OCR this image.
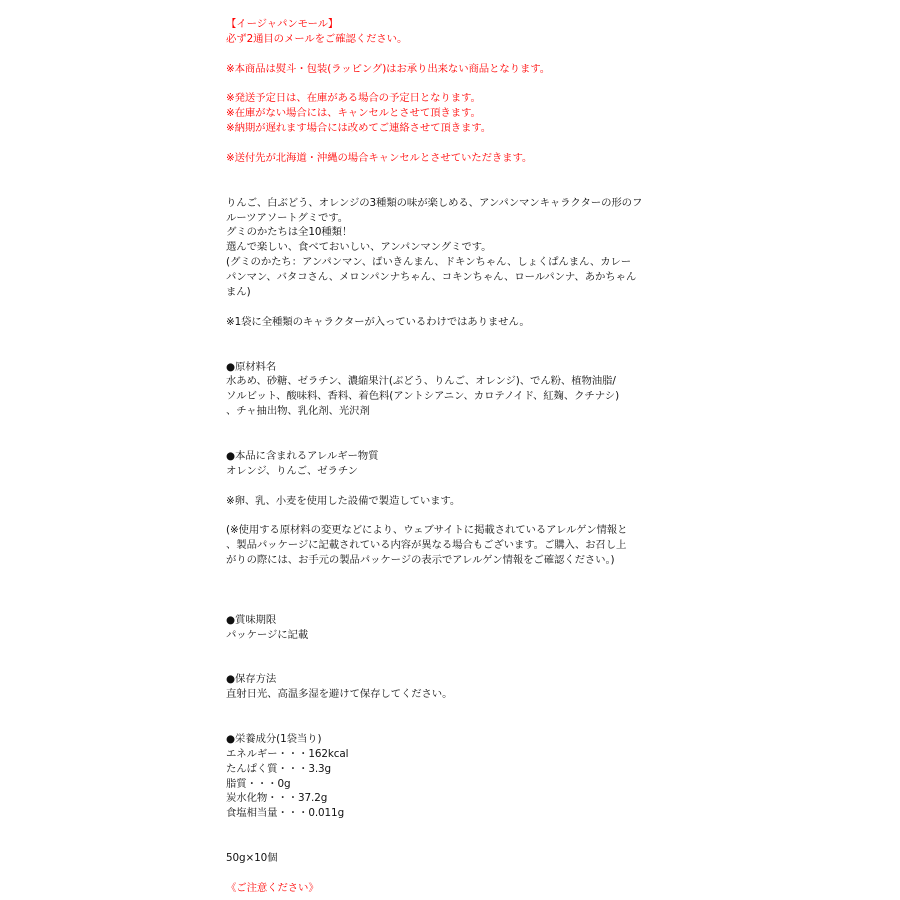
【イージャパンモール】
必ず2通目のメールをご確認ください。
※本商品は熨斗・包装(ラッピング)はお承り出来ない商品となります。
※発送予定日は、在庫がある場合の予定日となります。
※在庫がない場合には、キャンセルとさせて頂きます。
※納期が遅れます場合には改めてご連絡させて頂きます。
※送付先が北海道・沖縄の場合キャンセルとさせていただきます。
りんご、白ぶどう、オレンジの3種類の味が楽しめる、アンパンマンキャラクターの形のフ
ルーツアソートグミです。
グミのかたちは全10種類！
選んで楽しい、食べておいしい、アンパンマングミです。
(グミのかたち：アンパンマン、ばいきんまん、ドキンちゃん、しょくぱんまん、カレー
パンマン、バタコさん、メロンパンナちゃん、コキンちゃん、ロールパンナ、あかちゃん
まん)
※1袋に全種類のキャラクターが入っているわけではありません。
●原材料名
水あめ、砂糖、ゼラチン、濃縮果汁(ぶどう、りんご、オレンジ)、でん粉、植物油脂/
ソルビット、酸味料、香料、着色料(アントシアニン、カロテノイド、紅麹、クチナシ)
、チャ抽出物、乳化剤、光沢剤
●本品に含まれるアレルギー物質
オレンジ、りんご、ゼラチン
※卵、乳、小麦を使用した設備で製造しています。
(※使用する原材料の変更などにより、ウェブサイトに掲載されているアレルゲン情報と
、製品パッケージに記載されている内容が異なる場合もございます。ご購入、お召し上
がりの際には、お手元の製品パッケージの表示でアレルゲン情報をご確認ください。)
●賞味期限
パッケージに記載
●保存方法
直射日光、高温多湿を避けて保存してください。
●栄養成分(1袋当り)
エネルギー・・・162kcal
たんぱく質・・・3.3g
脂質・・・0g
炭水化物・・・37.2g
食塩相当量・・・0.011g
50g×10個
《ご注意ください》
